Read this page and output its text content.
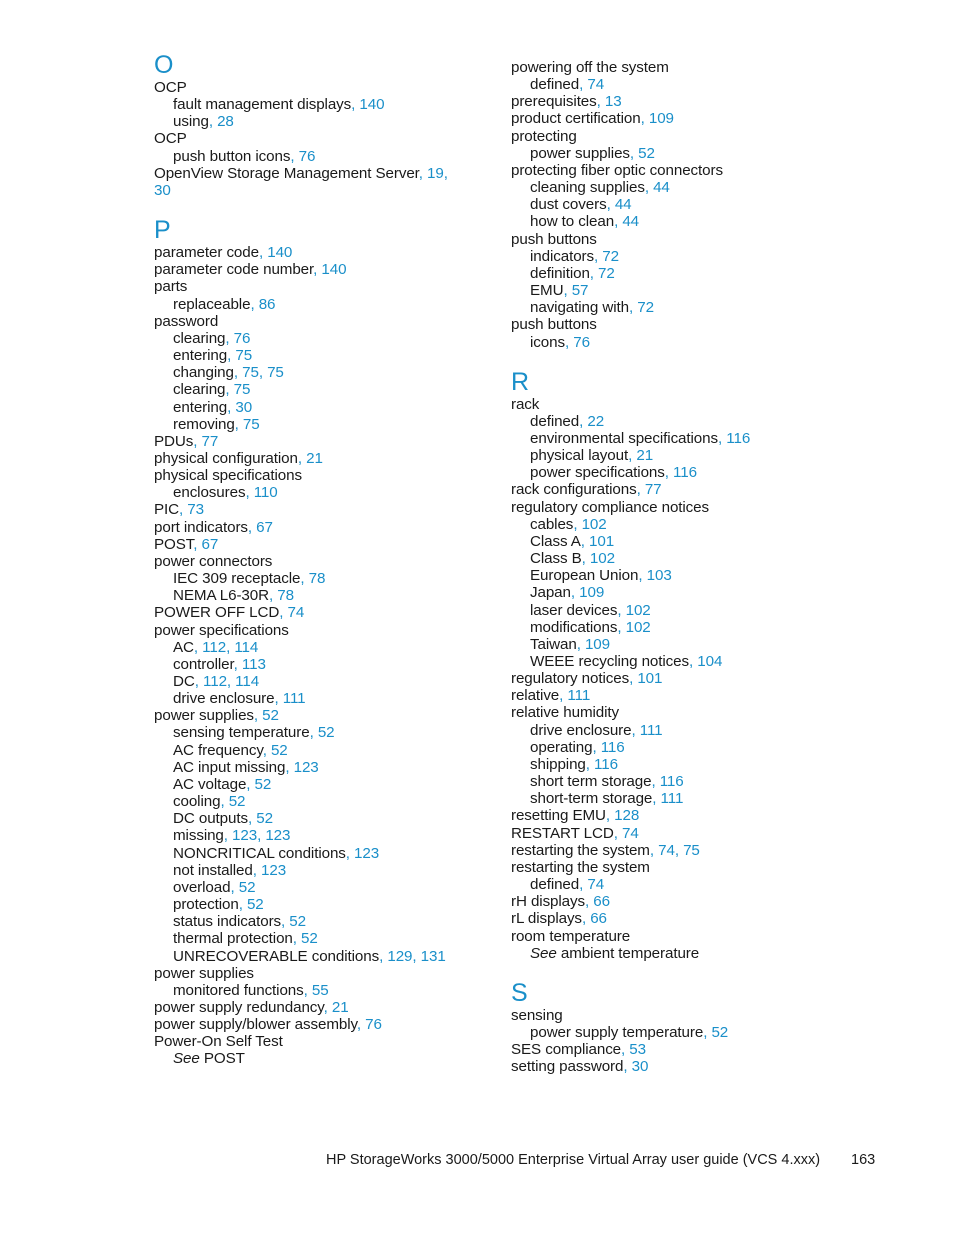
O
OCP
fault management displays, 140
using, 28
OCP
push button icons, 76
OpenView Storage Management Server, 19,
30
P
parameter code, 140
parameter code number, 140
parts
replaceable, 86
password
clearing, 76
entering, 75
changing, 75, 75
clearing, 75
entering, 30
removing, 75
PDUs, 77
physical configuration, 21
physical specifications
enclosures, 110
PIC, 73
port indicators, 67
POST, 67
power connectors
IEC 309 receptacle, 78
NEMA L6-30R, 78
POWER OFF LCD, 74
power specifications
AC, 112, 114
controller, 113
DC, 112, 114
drive enclosure, 111
power supplies, 52
sensing temperature, 52
AC frequency, 52
AC input missing, 123
AC voltage, 52
cooling, 52
DC outputs, 52
missing, 123, 123
NONCRITICAL conditions, 123
not installed, 123
overload, 52
protection, 52
status indicators, 52
thermal protection, 52
UNRECOVERABLE conditions, 129, 131
power supplies
monitored functions, 55
power supply redundancy, 21
power supply/blower assembly, 76
Power-On Self Test
See POST
powering off the system
defined, 74
prerequisites, 13
product certification, 109
protecting
power supplies, 52
protecting fiber optic connectors
cleaning supplies, 44
dust covers, 44
how to clean, 44
push buttons
indicators, 72
definition, 72
EMU, 57
navigating with, 72
push buttons
icons, 76
R
rack
defined, 22
environmental specifications, 116
physical layout, 21
power specifications, 116
rack configurations, 77
regulatory compliance notices
cables, 102
Class A, 101
Class B, 102
European Union, 103
Japan, 109
laser devices, 102
modifications, 102
Taiwan, 109
WEEE recycling notices, 104
regulatory notices, 101
relative, 111
relative humidity
drive enclosure, 111
operating, 116
shipping, 116
short term storage, 116
short-term storage, 111
resetting EMU, 128
RESTART LCD, 74
restarting the system, 74, 75
restarting the system
defined, 74
rH displays, 66
rL displays, 66
room temperature
See ambient temperature
S
sensing
power supply temperature, 52
SES compliance, 53
setting password, 30
HP StorageWorks 3000/5000 Enterprise Virtual Array user guide (VCS 4.xxx) 163
